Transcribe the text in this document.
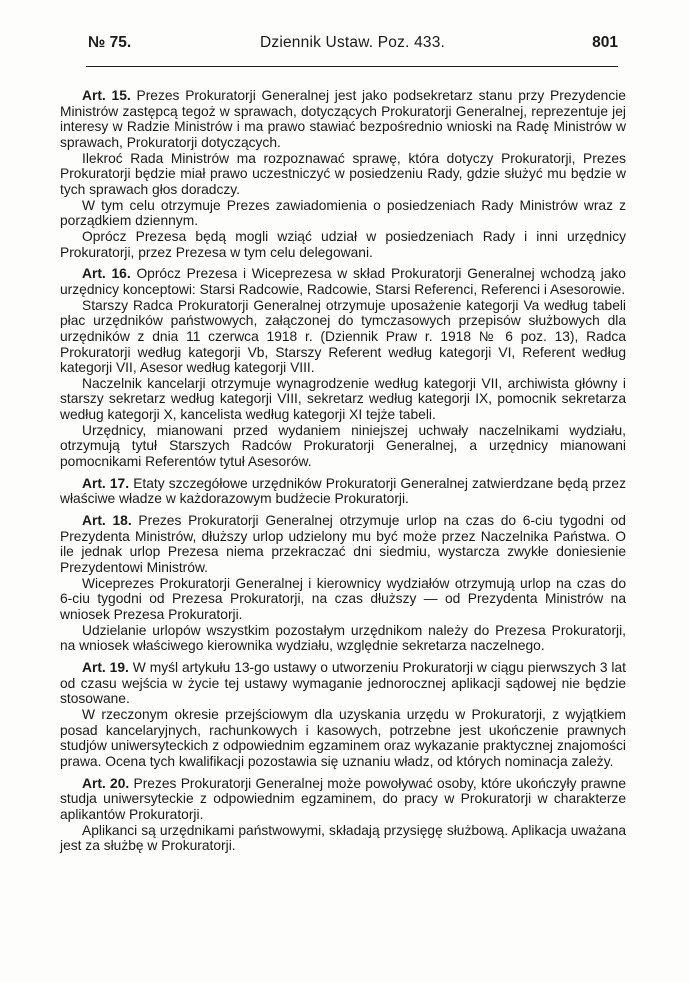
№ 75.	Dziennik Ustaw. Poz. 433.	801

Art. 15. Prezes Prokuratorji Generalnej jest jako podsekretarz stanu przy Prezydencie Ministrów zastępcą tegoż w sprawach, dotyczących Prokuratorji Generalnej, reprezentuje jej interesy w Radzie Ministrów i ma prawo stawiać bezpośrednio wnioski na Radę Ministrów w sprawach, Prokuratorji dotyczących.

Ilekroć Rada Ministrów ma rozpoznawać sprawę, która dotyczy Prokuratorji, Prezes Prokuratorji będzie miał prawo uczestniczyć w posiedzeniu Rady, gdzie służyć mu będzie w tych sprawach głos doradczy.

W tym celu otrzymuje Prezes zawiadomienia o posiedzeniach Rady Ministrów wraz z porządkiem dziennym.

Oprócz Prezesa będą mogli wziąć udział w posiedzeniach Rady i inni urzędnicy Prokuratorji, przez Prezesa w tym celu delegowani.

Art. 16. Oprócz Prezesa i Wiceprezesa w skład Prokuratorji Generalnej wchodzą jako urzędnicy konceptowi: Starsi Radcowie, Radcowie, Starsi Referenci, Referenci i Asesorowie.

Starszy Radca Prokuratorji Generalnej otrzymuje uposażenie kategorji Va według tabeli płac urzędników państwowych, załączonej do tymczasowych przepisów służbowych dla urzędników z dnia 11 czerwca 1918 r. (Dziennik Praw r. 1918 № 6 poz. 13), Radca Prokuratorji według kategorji Vb, Starszy Referent według kategorji VI, Referent według kategorji VII, Asesor według kategorji VIII.

Naczelnik kancelarji otrzymuje wynagrodzenie według kategorji VII, archiwista główny i starszy sekretarz według kategorji VIII, sekretarz według kategorji IX, pomocnik sekretarza według kategorji X, kancelista według kategorji XI tejże tabeli.

Urzędnicy, mianowani przed wydaniem niniejszej uchwały naczelnikami wydziału, otrzymują tytuł Starszych Radców Prokuratorji Generalnej, a urzędnicy mianowani pomocnikami Referentów tytuł Asesorów.

Art. 17. Etaty szczegółowe urzędników Prokuratorji Generalnej zatwierdzane będą przez właściwe władze w każdorazowym budżecie Prokuratorji.

Art. 18. Prezes Prokuratorji Generalnej otrzymuje urlop na czas do 6-ciu tygodni od Prezydenta Ministrów, dłuższy urlop udzielony mu być może przez Naczelnika Państwa. O ile jednak urlop Prezesa niema przekraczać dni siedmiu, wystarcza zwykłe doniesienie Prezydentowi Ministrów.

Wiceprezes Prokuratorji Generalnej i kierownicy wydziałów otrzymują urlop na czas do 6-ciu tygodni od Prezesa Prokuratorji, na czas dłuższy — od Prezydenta Ministrów na wniosek Prezesa Prokuratorji.

Udzielanie urlopów wszystkim pozostałym urzędnikom należy do Prezesa Prokuratorji, na wniosek właściwego kierownika wydziału, względnie sekretarza naczelnego.

Art. 19. W myśl artykułu 13-go ustawy o utworzeniu Prokuratorji w ciągu pierwszych 3 lat od czasu wejścia w życie tej ustawy wymaganie jednorocznej aplikacji sądowej nie będzie stosowane.

W rzeczonym okresie przejściowym dla uzyskania urzędu w Prokuratorji, z wyjątkiem posad kancelaryjnych, rachunkowych i kasowych, potrzebne jest ukończenie prawnych studjów uniwersyteckich z odpowiednim egzaminem oraz wykazanie praktycznej znajomości prawa. Ocena tych kwalifikacji pozostawia się uznaniu władz, od których nominacja zależy.

Art. 20. Prezes Prokuratorji Generalnej może powoływać osoby, które ukończyły prawne studja uniwersyteckie z odpowiednim egzaminem, do pracy w Prokuratorji w charakterze aplikantów Prokuratorji.

Aplikanci są urzędnikami państwowymi, składają przysięgę służbową. Aplikacja uważana jest za służbę w Prokuratorji.
